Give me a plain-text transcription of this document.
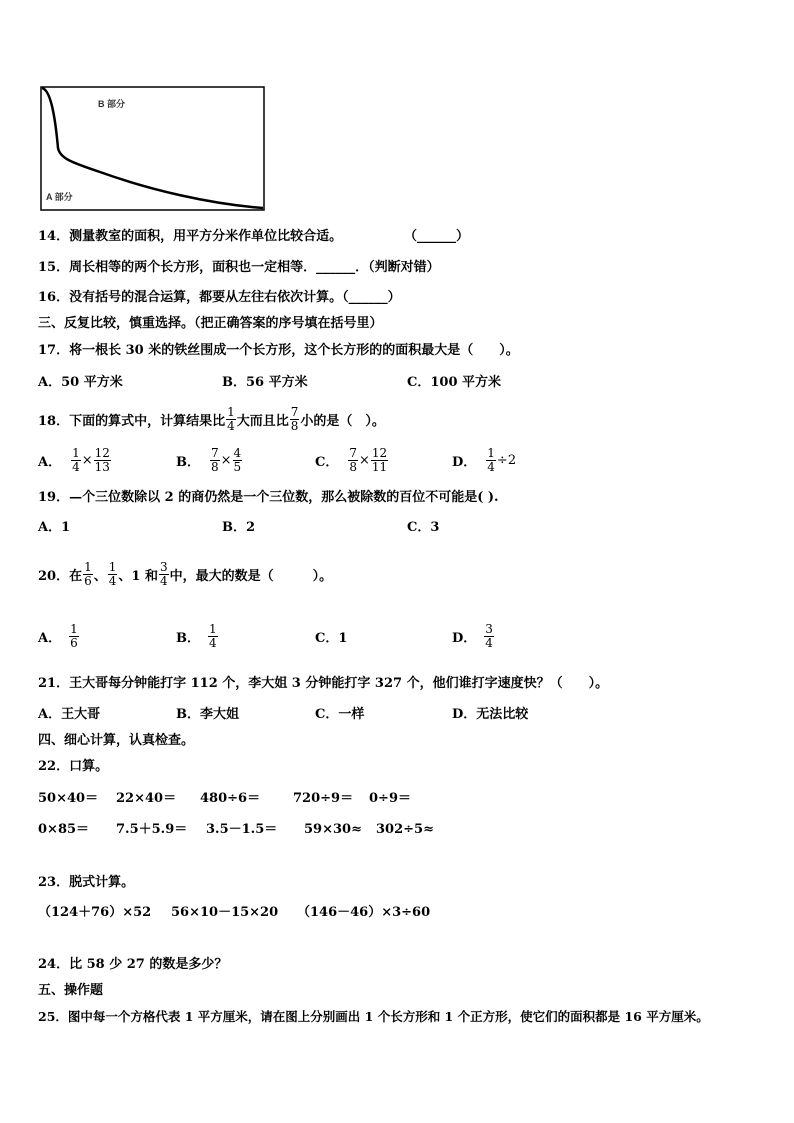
B 部分
A 部分
14．测量教室的面积，用平方分米作单位比较合适。	（______）
15．周长相等的两个长方形，面积也一定相等．______．（判断对错）
16．没有括号的混合运算，都要从左往右依次计算。（______）
三、反复比较，慎重选择。（把正确答案的序号填在括号里）
17．将一根长 30 米的铁丝围成一个长方形，这个长方形的的面积最大是（　　）。
A．50 平方米	B．56 平方米	C．100 平方米
18．下面的算式中，计算结果比 $\frac{1}{4}$ 大而且比 $\frac{7}{8}$ 小的是（　）。
A． $\frac{1}{4} \times \frac{12}{13}$	B． $\frac{7}{8} \times \frac{4}{5}$	C． $\frac{7}{8} \times \frac{12}{11}$	D． $\frac{1}{4} \div 2$
19．—个三位数除以 2 的商仍然是一个三位数，那么被除数的百位不可能是( ).
A．1	B．2	C．3
20．在 $\frac{1}{6}$ 、 $\frac{1}{4}$ 、1 和 $\frac{3}{4}$ 中，最大的数是（　　　）。
A． $\frac{1}{6}$	B． $\frac{1}{4}$	C．1	D． $\frac{3}{4}$
21．王大哥每分钟能打字 112 个，李大姐 3 分钟能打字 327 个，他们谁打字速度快？（　　）。
A．王大哥	B．李大姐	C．一样	D．无法比较
四、细心计算，认真检查。
22．口算。
50×40＝ 22×40＝ 480÷6＝	720÷9＝ 0÷9＝
0×85＝ 7.5＋5.9＝ 3.5－1.5＝ 59×30≈ 302÷5≈
23．脱式计算。
（124＋76）×52 56×10－15×20 （146－46）×3÷60
24．比 58 少 27 的数是多少？
五、操作题
25．图中每一个方格代表 1 平方厘米，请在图上分别画出 1 个长方形和 1 个正方形，使它们的面积都是 16 平方厘米。
